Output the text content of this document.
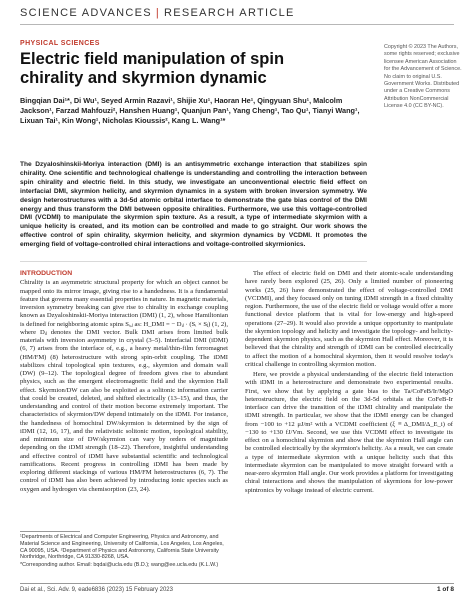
SCIENCE ADVANCES | RESEARCH ARTICLE
PHYSICAL SCIENCES
Electric field manipulation of spin chirality and skyrmion dynamic
Bingqian Dai¹*, Di Wu¹, Seyed Armin Razavi¹, Shijie Xu¹, Haoran He¹, Qingyuan Shu¹, Malcolm Jackson¹, Farzad Mahfouzi², Hanshen Huang¹, Quanjun Pan¹, Yang Cheng¹, Tao Qu¹, Tianyi Wang¹, Lixuan Tai¹, Kin Wong¹, Nicholas Kioussis², Kang L. Wang¹*

Copyright © 2023 The Authors, some rights reserved; exclusive licensee American Association for the Advancement of Science. No claim to original U.S. Government Works. Distributed under a Creative Commons Attribution NonCommercial License 4.0 (CC BY-NC).

The Dzyaloshinskii-Moriya interaction (DMI) is an antisymmetric exchange interaction that stabilizes spin chirality. One scientific and technological challenge is understanding and controlling the interaction between spin chirality and electric field. In this study, we investigate an unconventional electric field effect on interfacial DMI, skyrmion helicity, and skyrmion dynamics in a system with broken inversion symmetry. We design heterostructures with a 3d-5d atomic orbital interface to demonstrate the gate bias control of the DMI energy and thus transform the DMI between opposite chiralities. Furthermore, we use this voltage-controlled DMI (VCDMI) to manipulate the skyrmion spin texture. As a result, a type of intermediate skyrmion with a unique helicity is created, and its motion can be controlled and made to go straight. Our work shows the effective control of spin chirality, skyrmion helicity, and skyrmion dynamics by VCDMI. It promotes the emerging field of voltage-controlled chiral interactions and voltage-controlled skyrmionics.
INTRODUCTION

Chirality is an asymmetric structural property for which an object cannot be mapped onto its mirror image, giving rise to a handedness. It is a fundamental feature that governs many essential properties in nature. In magnetic materials, inversion symmetry breaking can give rise to chirality in exchange coupling known as Dzyaloshinskii-Moriya interaction (DMI) (1, 2), whose Hamiltonian is defined for neighboring atomic spins Sᵢ,ⱼ as: H_DMI = − Dᵢⱼ · (Sᵢ × Sⱼ) (1, 2), where Dᵢⱼ denotes the DMI vector. Bulk DMI arises from limited bulk materials with inversion asymmetry in crystal (3–5). Interfacial DMI (iDMI) (6, 7) arises from the interface of, e.g., a heavy metal/thin-film ferromagnet (HM/FM) (8) heterostructure with strong spin-orbit coupling. The iDMI stabilizes chiral topological spin textures, e.g., skyrmion and domain wall (DW) (9–12). The topological degree of freedom gives rise to abundant physics, such as the emergent electromagnetic field and the skyrmion Hall effect. Skyrmion/DW can also be exploited as a solitonic information carrier that could be created, deleted, and shifted electrically (13–15), and thus, the understanding and control of their motion become extremely important. The characteristics of skyrmion/DW depend intimately on the iDMI. For instance, the handedness of homochiral DW/skyrmion is determined by the sign of iDMI (12, 16, 17), and the relativistic solitonic motion, topological stability, and minimum size of DW/skyrmion can vary by orders of magnitude depending on the iDMI strength (18–22). Therefore, insightful understanding and effective control of iDMI have substantial scientific and technological ramifications. Recent progress in controlling iDMI has been made by exploring different stackings of various HM/FM heterostructures (6, 7). The control of iDMI has also been achieved by introducing ionic species such as oxygen and hydrogen via chemisorption (23, 24).

The effect of electric field on DMI and their atomic-scale understanding have rarely been explored (25, 26). Only a limited number of pioneering works (25, 26) have demonstrated the effect of voltage-controlled DMI (VCDMI), and they focused only on tuning iDMI strength in a fixed chirality region. Furthermore, the use of the electric field or voltage would offer a more functional device platform that is vital for low-energy and high-speed operations (27–29). It would also provide a unique opportunity to manipulate the skyrmion topology and helicity and investigate the topology- and helicity-dependent skyrmion physics, such as the skyrmion Hall effect. Moreover, it is believed that the chirality and strength of iDMI can be controlled electrically to affect the motion of a homochiral skyrmion, then it would resolve today's critical challenge in controlling skyrmion motion.

Here, we provide a physical understanding of the electric field interaction with iDMI in a heterostructure and demonstrate two experimental results. First, we show that by applying a gate bias to the Ta/CoFeB/Ir/MgO heterostructure, the electric field on the 3d-5d orbitals at the CoFeB-Ir interface can drive the transition of the iDMI chirality and manipulate the iDMI strength. In particular, we show that the iDMI energy can be changed from −100 to +12 μJ/m² with a VCDMI coefficient (ξ ≡ Δ_DMI/Δ_E_i) of −130 to +130 fJ/Vm. Second, we use this VCDMI effect to investigate its effect on a homochiral skyrmion and show that the skyrmion Hall angle can be controlled electrically by the skyrmion's helicity. As a result, we can create a type of intermediate skyrmion with a unique helicity such that this intermediate skyrmion can be manipulated to move straight forward with a near-zero skyrmion Hall angle. Our work provides a platform for investigating chiral interactions and shows the manipulation of skyrmions for low-power spintronics by voltage instead of electric current.

¹Departments of Electrical and Computer Engineering, Physics and Astronomy, and Material Science and Engineering, University of California, Los Angeles, Los Angeles, CA 90095, USA. ²Department of Physics and Astronomy, California State University Northridge, Northridge, CA 91330-8268, USA.

*Corresponding author. Email: bqdai@ucla.edu (B.D.); wang@ee.ucla.edu (K.L.W.)

Dai et al., Sci. Adv. 9, eade6836 (2023) 15 February 2023	1 of 8
